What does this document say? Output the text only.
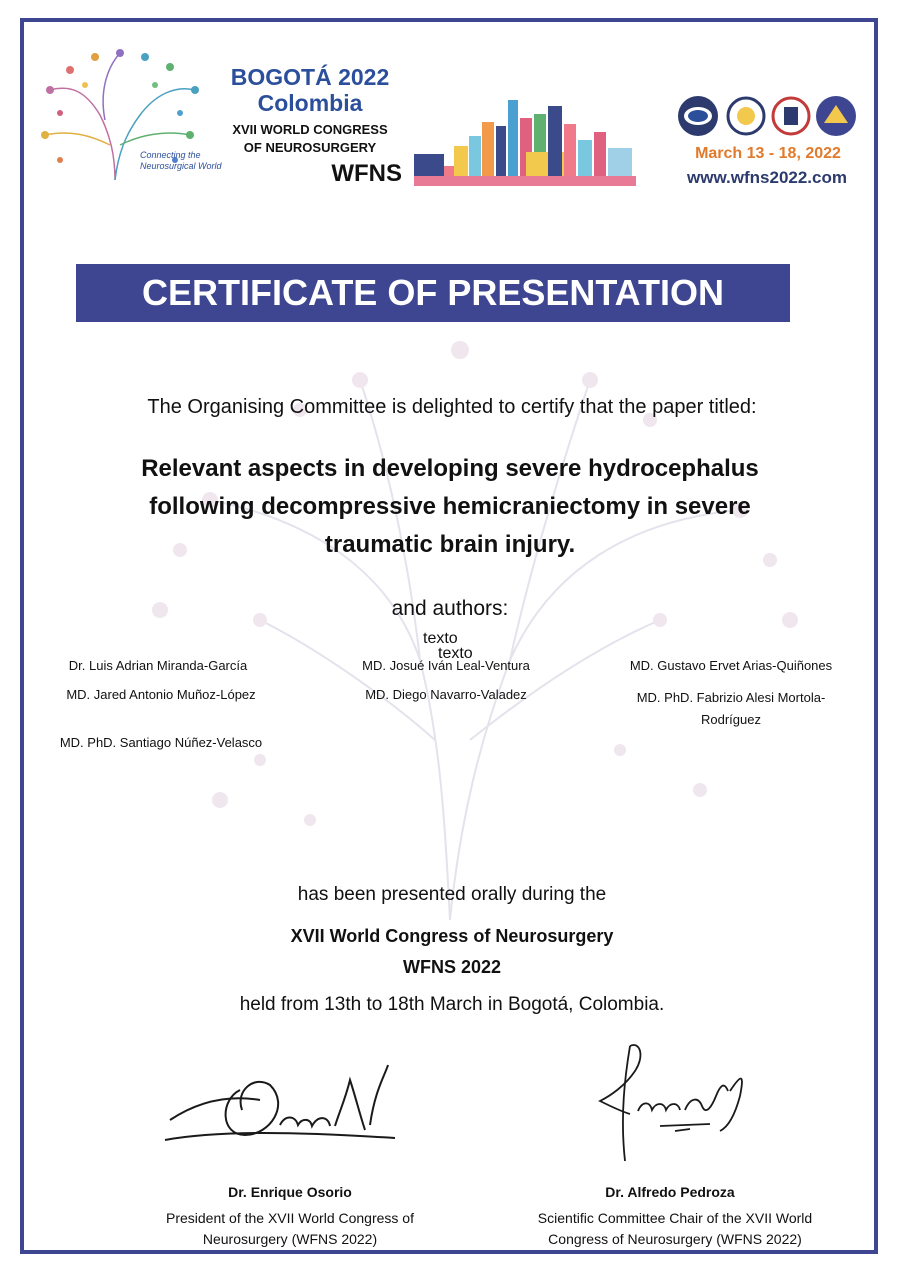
Connecting the
Neurosurgical World
BOGOTÁ 2022
Colombia
XVII WORLD CONGRESS
OF NEUROSURGERY
WFNS
March 13 - 18, 2022
www.wfns2022.com
CERTIFICATE OF PRESENTATION
The Organising Committee is delighted to certify that the paper titled:
Relevant aspects in developing severe hydrocephalus
following decompressive hemicraniectomy in severe
traumatic brain injury.
and authors:
texto
texto
Dr. Luis Adrian Miranda-García	MD. Josué Iván Leal-Ventura	MD. Gustavo Ervet Arias-Quiñones
MD. Jared Antonio Muñoz-López	MD. Diego Navarro-Valadez	MD. PhD. Fabrizio Alesi Mortola-
Rodríguez
MD. PhD. Santiago Núñez-Velasco
has been presented orally during the
XVII World Congress of Neurosurgery
WFNS 2022
held from 13th to 18th March in Bogotá, Colombia.
Dr. Enrique Osorio
President of the XVII World Congress of
Neurosurgery (WFNS 2022)
Dr. Alfredo Pedroza
Scientific Committee Chair of the XVII World
Congress of Neurosurgery (WFNS 2022)
